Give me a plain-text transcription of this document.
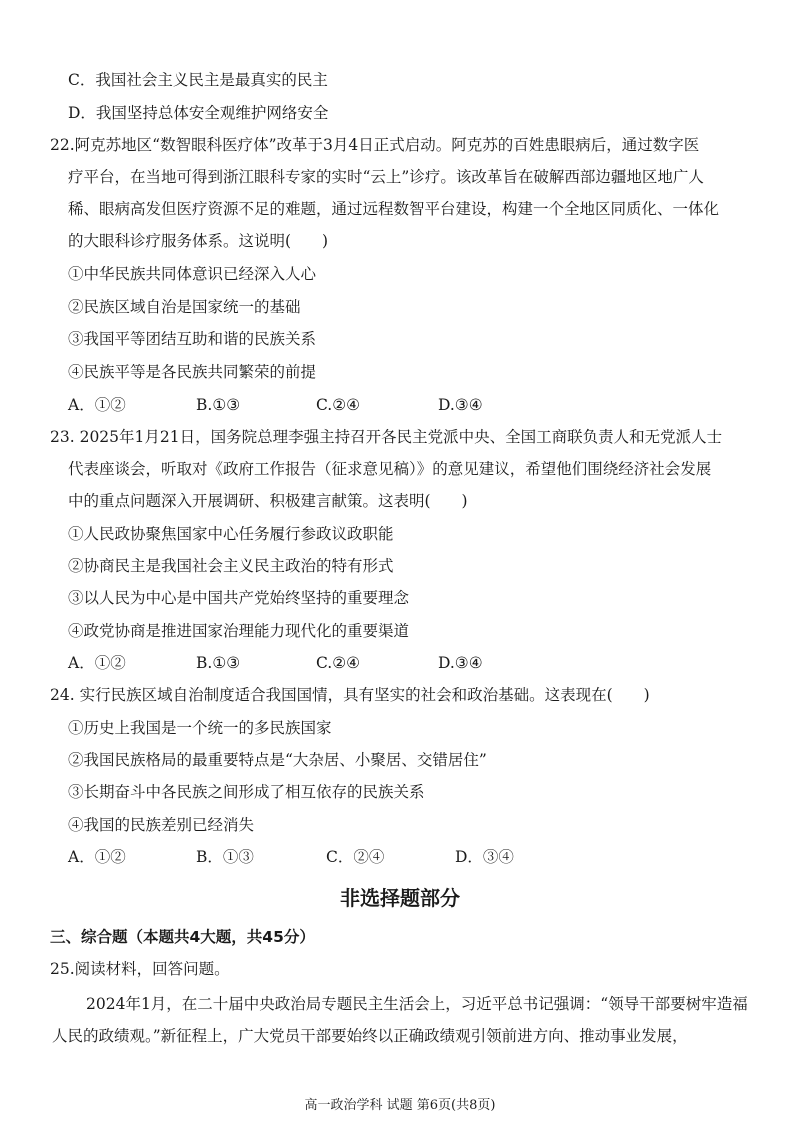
C．我国社会主义民主是最真实的民主
D．我国坚持总体安全观维护网络安全
22.阿克苏地区“数智眼科医疗体”改革于3月4日正式启动。阿克苏的百姓患眼病后，通过数字医
疗平台，在当地可得到浙江眼科专家的实时“云上”诊疗。该改革旨在破解西部边疆地区地广人
稀、眼病高发但医疗资源不足的难题，通过远程数智平台建设，构建一个全地区同质化、一体化
的大眼科诊疗服务体系。这说明(　　)
①中华民族共同体意识已经深入人心
②民族区域自治是国家统一的基础
③我国平等团结互助和谐的民族关系
④民族平等是各民族共同繁荣的前提
A．①②	B.①③	C.②④	D.③④
23. 2025年1月21日，国务院总理李强主持召开各民主党派中央、全国工商联负责人和无党派人士
代表座谈会，听取对《政府工作报告（征求意见稿）》的意见建议，希望他们围绕经济社会发展
中的重点问题深入开展调研、积极建言献策。这表明(　　)
①人民政协聚焦国家中心任务履行参政议政职能
②协商民主是我国社会主义民主政治的特有形式
③以人民为中心是中国共产党始终坚持的重要理念
④政党协商是推进国家治理能力现代化的重要渠道
A．①②	B.①③	C.②④	D.③④
24. 实行民族区域自治制度适合我国国情，具有坚实的社会和政治基础。这表现在(　　)
①历史上我国是一个统一的多民族国家
②我国民族格局的最重要特点是“大杂居、小聚居、交错居住”
③长期奋斗中各民族之间形成了相互依存的民族关系
④我国的民族差别已经消失
A．①②	B．①③	C．②④	D．③④
非选择题部分
三、综合题（本题共4大题，共45分）
25.阅读材料，回答问题。
2024年1月，在二十届中央政治局专题民主生活会上，习近平总书记强调：“领导干部要树牢造福人民的政绩观。”新征程上，广大党员干部要始终以正确政绩观引领前进方向、推动事业发展，
高一政治学科 试题 第6页(共8页)
